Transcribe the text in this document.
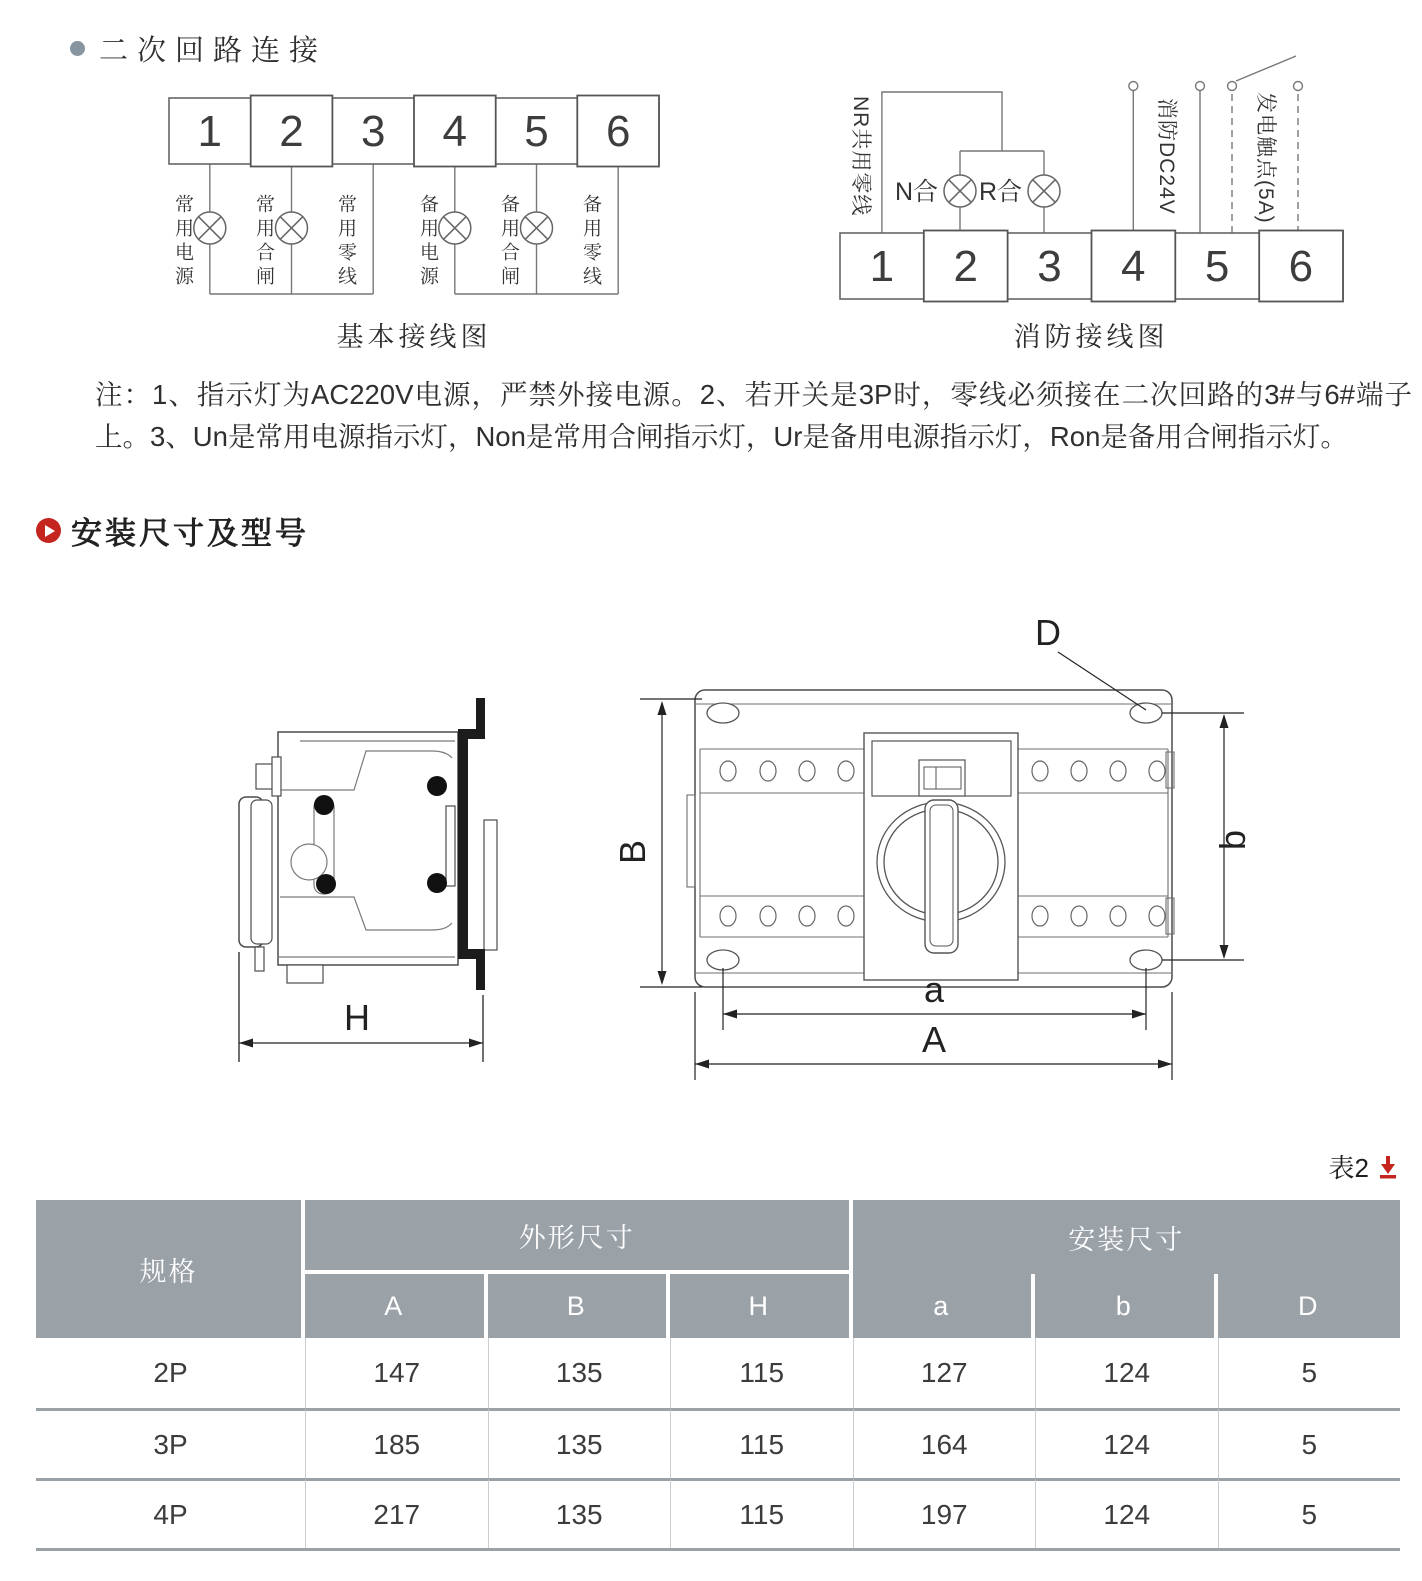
二次回路连接
1 2 3 4 5 6
常用电源	常用合闸	常用零线	备用电源	备用合闸	备用零线
基本接线图
N合 R合
1 2 3 4 5 6
NR共用零线	消防DC24V	发电触点(5A)
消防接线图
注：1、指示灯为AC220V电源，严禁外接电源。2、若开关是3P时，零线必须接在二次回路的3#与6#端子上。3、Un是常用电源指示灯，Non是常用合闸指示灯，Ur是备用电源指示灯，Ron是备用合闸指示灯。
安装尺寸及型号
H
D
B	b
a
A
表2
规格
外形尺寸	安装尺寸
A	B	H	a	b	D
2P	147	135	115	127	124	5
3P	185	135	115	164	124	5
4P	217	135	115	197	124	5
